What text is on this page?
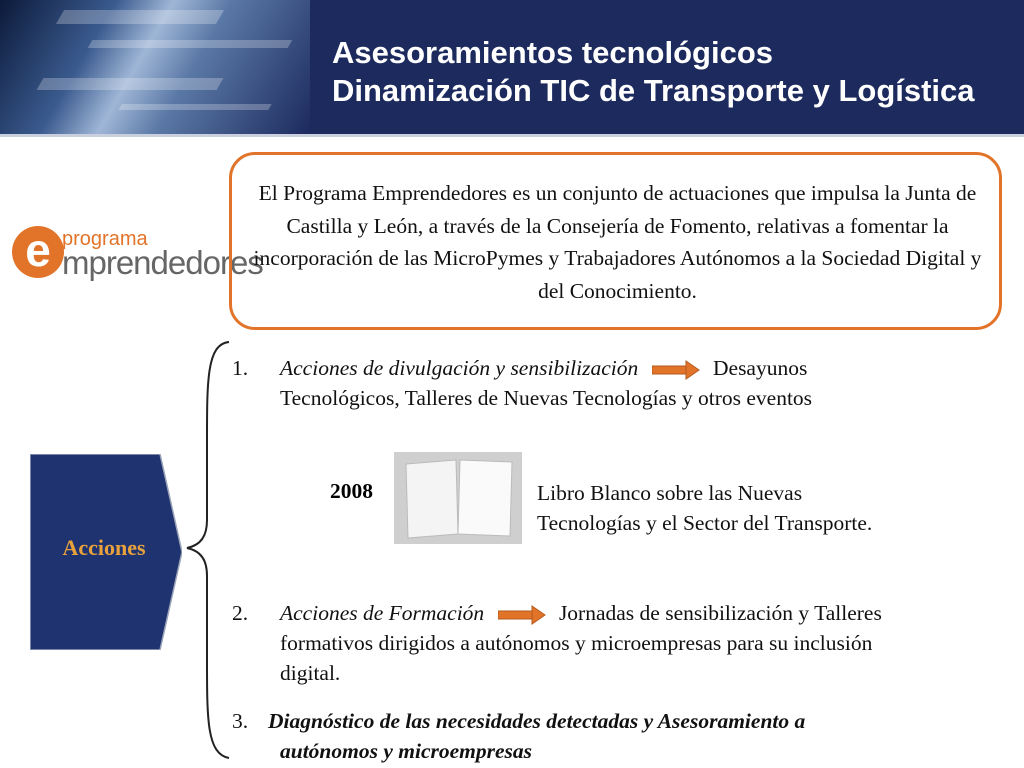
Asesoramientos tecnológicos
Dinamización TIC de Transporte y Logística
e programa
mprendedores
El Programa Emprendedores es un conjunto de actuaciones que impulsa la Junta de Castilla y León, a través de la Consejería de Fomento, relativas a fomentar la incorporación de las MicroPymes y Trabajadores Autónomos a la Sociedad Digital y del Conocimiento.
Acciones
1. Acciones de divulgación y sensibilización	Desayunos
Tecnológicos, Talleres de Nuevas Tecnologías y otros eventos
2008	Libro Blanco sobre las Nuevas
Tecnologías y el Sector del Transporte.
2. Acciones de Formación	Jornadas de sensibilización y Talleres
formativos dirigidos a autónomos y microempresas para su inclusión
digital.
3. Diagnóstico de las necesidades detectadas y Asesoramiento a
autónomos y microempresas
